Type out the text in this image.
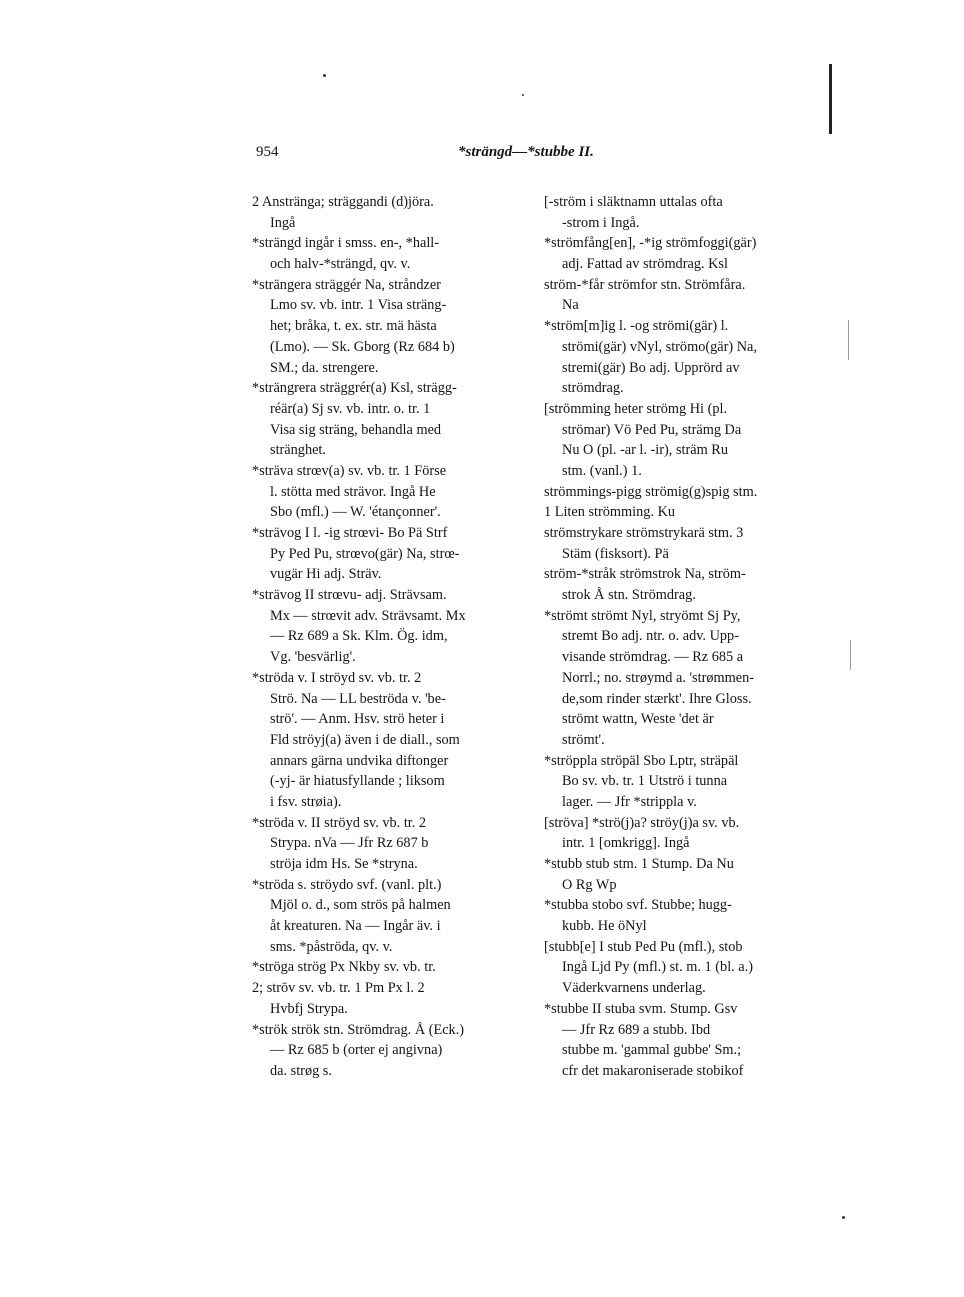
954	*strängd—*stubbe II.
2 Anstränga; sträggandi (d)jöra.
Ingå
*strängd ingår i smss. en-, *hall-
och halv-*strängd, qv. v.
*strängera sträggér Na, stråndzer
Lmo sv. vb. intr. 1 Visa sträng-
het; bråka, t. ex. str. mä hästa
(Lmo). — Sk. Gborg (Rz 684 b)
SM.; da. strengere.
*strängrera sträggrér(a) Ksl, strägg-
réär(a) Sj sv. vb. intr. o. tr. 1
Visa sig sträng, behandla med
stränghet.
*sträva strœv(a) sv. vb. tr. 1 Förse
l. stötta med strävor. Ingå He
Sbo (mfl.) — W. 'étançonner'.
*strävog I l. -ig strœvi- Bo Pä Strf
Py Ped Pu, strœvo(gär) Na, strœ-
vugär Hi adj. Sträv.
*strävog II strœvu- adj. Strävsam.
Mx — strœvit adv. Strävsamt. Mx
— Rz 689 a Sk. Klm. Ög. idm,
Vg. 'besvärlig'.
*ströda v. I ströyd sv. vb. tr. 2
Strö. Na — LL beströda v. 'be-
strö'. — Anm. Hsv. strö heter i
Fld ströyj(a) även i de diall., som
annars gärna undvika diftonger
(-yj- är hiatusfyllande ; liksom
i fsv. strøia).
*ströda v. II ströyd sv. vb. tr. 2
Strypa. nVa — Jfr Rz 687 b
ströja idm Hs. Se *stryna.
*ströda s. ströydo svf. (vanl. plt.)
Mjöl o. d., som strös på halmen
åt kreaturen. Na — Ingår äv. i
sms. *påströda, qv. v.
*ströga strög Px Nkby sv. vb. tr.
2; strōv sv. vb. tr. 1 Pm Px l. 2
Hvbfj Strypa.
*strök strök stn. Strömdrag. Å (Eck.)
— Rz 685 b (orter ej angivna)
da. strøg s.
[-ström i släktnamn uttalas ofta
-strom i Ingå.
*strömfång[en], -*ig strömfoggi(gär)
adj. Fattad av strömdrag. Ksl
ström-*får strömfor stn. Strömfåra.
Na
*ström[m]ig l. -og strömi(gär) l.
strömi(gär) vNyl, strömo(gär) Na,
stremi(gär) Bo adj. Upprörd av
strömdrag.
[strömming heter strömg Hi (pl.
strömar) Vö Ped Pu, strämg Da
Nu O (pl. -ar l. -ir), sträm Ru
stm. (vanl.) 1.
strömmings-pigg strömig(g)spig stm.
1 Liten strömming. Ku
strömstrykare strömstrykarä stm. 3
Stäm (fisksort). Pä
ström-*stråk strömstrok Na, ström-
strok Å stn. Strömdrag.
*strömt strömt Nyl, stryömt Sj Py,
stremt Bo adj. ntr. o. adv. Upp-
visande strömdrag. — Rz 685 a
Norrl.; no. strøymd a. 'strømmen-
de,som rinder stærkt'. Ihre Gloss.
strömt wattn, Weste 'det är
strömt'.
*ströppla ströpäl Sbo Lptr, sträpäl
Bo sv. vb. tr. 1 Utströ i tunna
lager. — Jfr *strippla v.
[ströva] *strö(j)a? ströy(j)a sv. vb.
intr. 1 [omkrigg]. Ingå
*stubb stub stm. 1 Stump. Da Nu
O Rg Wp
*stubba stobo svf. Stubbe; hugg-
kubb. He öNyl
[stubb[e] I stub Ped Pu (mfl.), stob
Ingå Ljd Py (mfl.) st. m. 1 (bl. a.)
Väderkvarnens underlag.
*stubbe II stuba svm. Stump. Gsv
— Jfr Rz 689 a stubb. Ibd
stubbe m. 'gammal gubbe' Sm.;
cfr det makaroniserade stobikof
